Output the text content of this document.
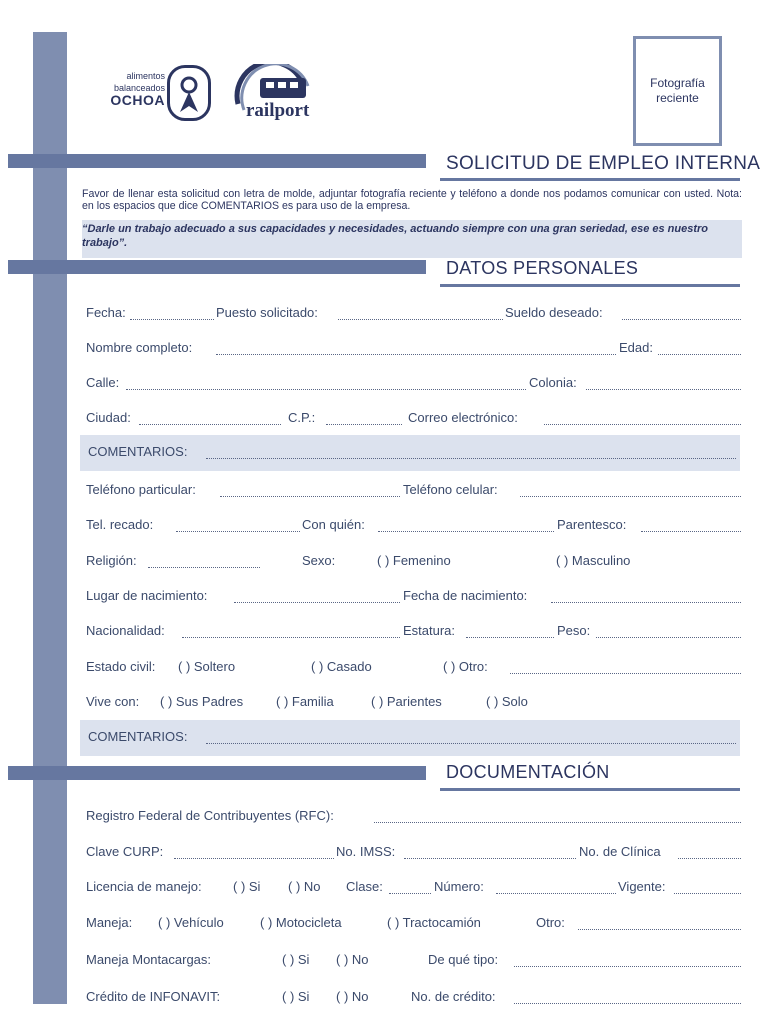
alimentos
balanceados
OCHOA	railport
Fotografía reciente
SOLICITUD DE EMPLEO INTERNA
Favor de llenar esta solicitud con letra de molde, adjuntar fotografía reciente y teléfono a donde nos podamos comunicar con usted. Nota: en los espacios que dice COMENTARIOS es para uso de la empresa.
“Darle un trabajo adecuado a sus capacidades y necesidades, actuando siempre con una gran seriedad, ese es nuestro trabajo”.
DATOS PERSONALES
Fecha:	Puesto solicitado:	Sueldo deseado:
Nombre completo:	Edad:
Calle:	Colonia:
Ciudad:	C.P.:	Correo electrónico:
COMENTARIOS:
Teléfono particular:	Teléfono celular:
Tel. recado:	Con quién:	Parentesco:
Religión:	Sexo:	( ) Femenino	( ) Masculino
Lugar de nacimiento:	Fecha de nacimiento:
Nacionalidad:	Estatura:	Peso:
Estado civil: ( ) Soltero	( ) Casado	( ) Otro:
Vive con: ( ) Sus Padres	( ) Familia	( ) Parientes	( ) Solo
COMENTARIOS:
DOCUMENTACIÓN
Registro Federal de Contribuyentes (RFC):
Clave CURP:	No. IMSS:	No. de Clínica
Licencia de manejo: ( ) Si ( ) No Clase:	Número:	Vigente:
Maneja: ( ) Vehículo	( ) Motocicleta	( ) Tractocamión	Otro:
Maneja Montacargas:	( ) Si ( ) No	De qué tipo:
Crédito de INFONAVIT:	( ) Si ( ) No	No. de crédito:
